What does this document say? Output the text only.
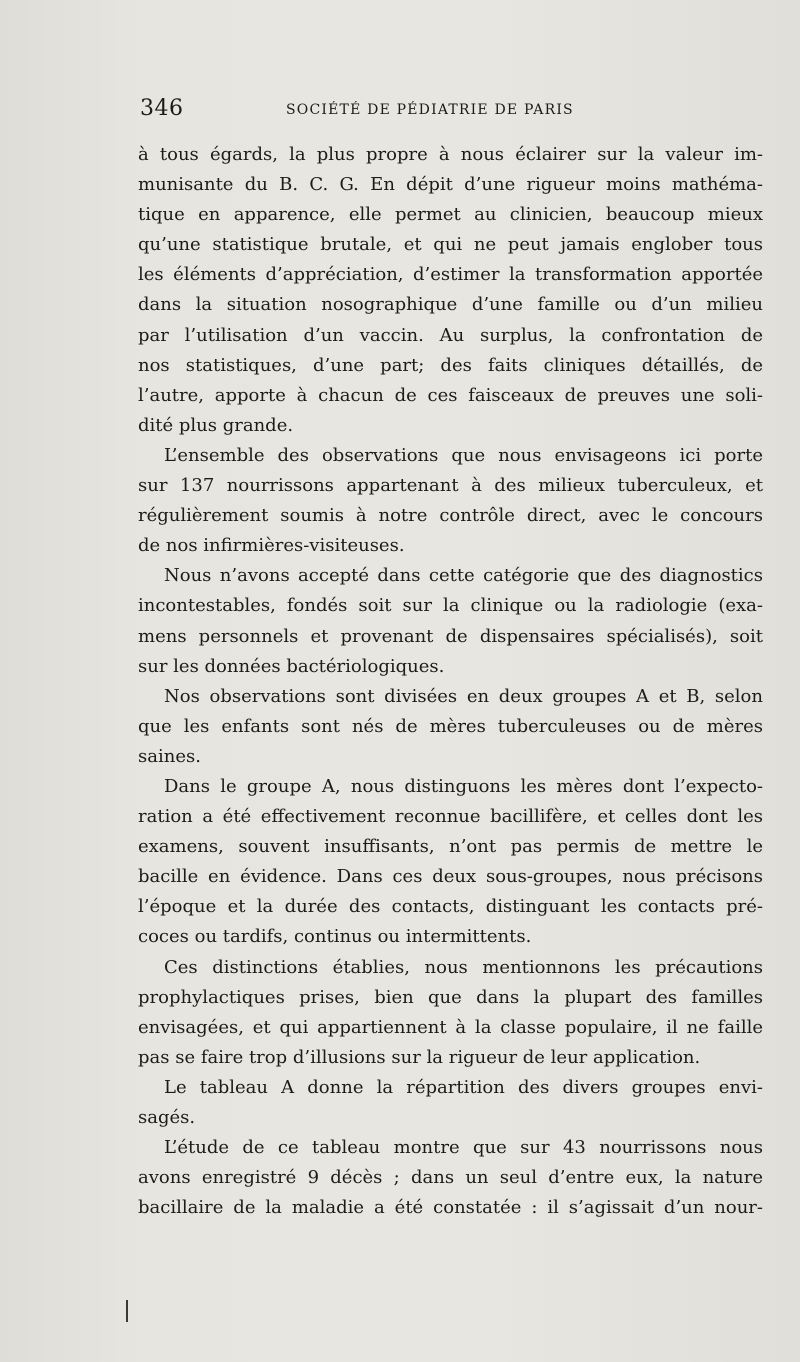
346	SOCIÉTÉ DE PÉDIATRIE DE PARIS
à tous égards, la plus propre à nous éclairer sur la valeur im-
munisante du B. C. G. En dépit d’une rigueur moins mathéma-
tique en apparence, elle permet au clinicien, beaucoup mieux
qu’une statistique brutale, et qui ne peut jamais englober tous
les éléments d’appréciation, d’estimer la transformation apportée
dans la situation nosographique d’une famille ou d’un milieu
par l’utilisation d’un vaccin. Au surplus, la confrontation de
nos statistiques, d’une part; des faits cliniques détaillés, de
l’autre, apporte à chacun de ces faisceaux de preuves une soli-
dité plus grande.
L’ensemble des observations que nous envisageons ici porte
sur 137 nourrissons appartenant à des milieux tuberculeux, et
régulièrement soumis à notre contrôle direct, avec le concours
de nos infirmières-visiteuses.
Nous n’avons accepté dans cette catégorie que des diagnostics
incontestables, fondés soit sur la clinique ou la radiologie (exa-
mens personnels et provenant de dispensaires spécialisés), soit
sur les données bactériologiques.
Nos observations sont divisées en deux groupes A et B, selon
que les enfants sont nés de mères tuberculeuses ou de mères
saines.
Dans le groupe A, nous distinguons les mères dont l’expecto-
ration a été effectivement reconnue bacillifère, et celles dont les
examens, souvent insuffisants, n’ont pas permis de mettre le
bacille en évidence. Dans ces deux sous-groupes, nous précisons
l’époque et la durée des contacts, distinguant les contacts pré-
coces ou tardifs, continus ou intermittents.
Ces distinctions établies, nous mentionnons les précautions
prophylactiques prises, bien que dans la plupart des familles
envisagées, et qui appartiennent à la classe populaire, il ne faille
pas se faire trop d’illusions sur la rigueur de leur application.
Le tableau A donne la répartition des divers groupes envi-
sagés.
L’étude de ce tableau montre que sur 43 nourrissons nous
avons enregistré 9 décès ; dans un seul d’entre eux, la nature
bacillaire de la maladie a été constatée : il s’agissait d’un nour-
